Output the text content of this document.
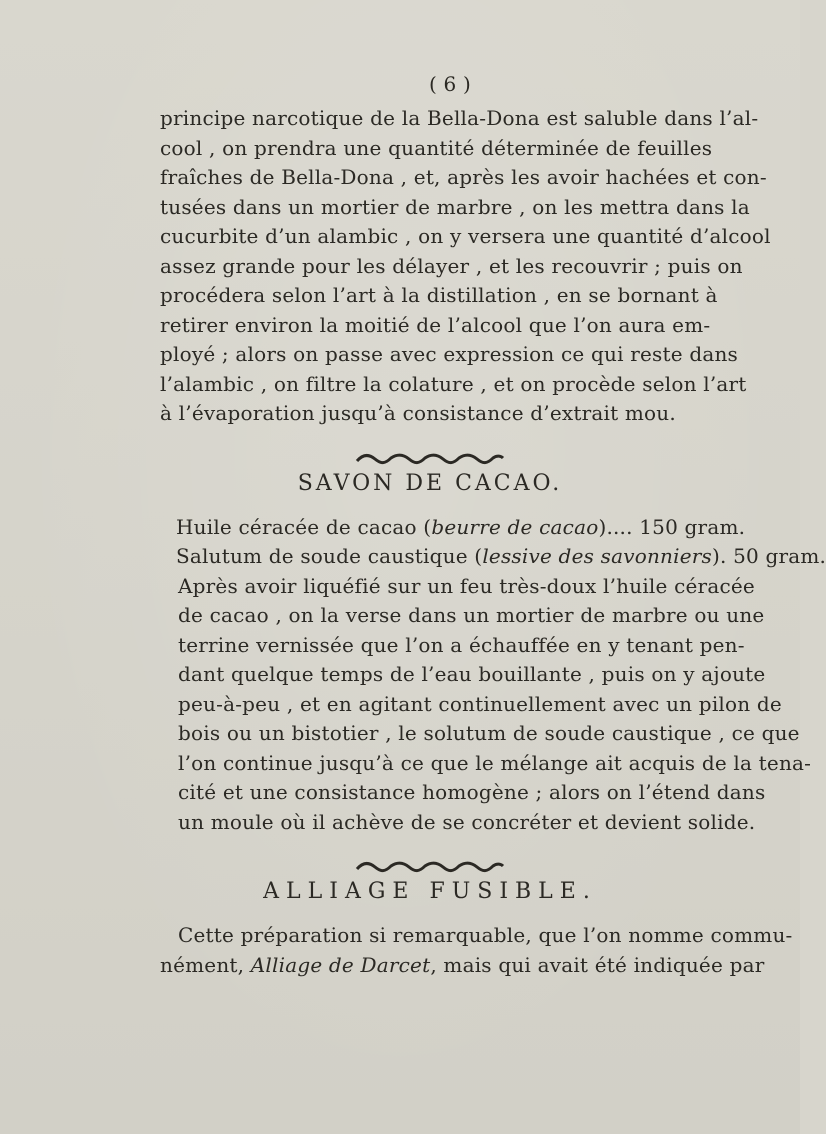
( 6 )
principe narcotique de la Bella-Dona est saluble dans l’al-
cool , on prendra une quantité déterminée de feuilles
fraîches de Bella-Dona , et, après les avoir hachées et con-
tusées dans un mortier de marbre , on les mettra dans la
cucurbite d’un alambic , on y versera une quantité d’alcool
assez grande pour les délayer , et les recouvrir ; puis on
procédera selon l’art à la distillation , en se bornant à
retirer environ la moitié de l’alcool que l’on aura em-
ployé ; alors on passe avec expression ce qui reste dans
l’alambic , on filtre la colature , et on procède selon l’art
à l’évaporation jusqu’à consistance d’extrait mou.
SAVON DE CACAO.
Huile céracée de cacao (beurre de cacao).... 150 gram.
Salutum de soude caustique (lessive des savonniers). 50 gram.
Après avoir liquéfié sur un feu très-doux l’huile céracée
de cacao , on la verse dans un mortier de marbre ou une
terrine vernissée que l’on a échauffée en y tenant pen-
dant quelque temps de l’eau bouillante , puis on y ajoute
peu-à-peu , et en agitant continuellement avec un pilon de
bois ou un bistotier , le solutum de soude caustique , ce que
l’on continue jusqu’à ce que le mélange ait acquis de la tena-
cité et une consistance homogène ; alors on l’étend dans
un moule où il achève de se concréter et devient solide.
ALLIAGE FUSIBLE.
Cette préparation si remarquable, que l’on nomme commu-
nément, Alliage de Darcet, mais qui avait été indiquée par
